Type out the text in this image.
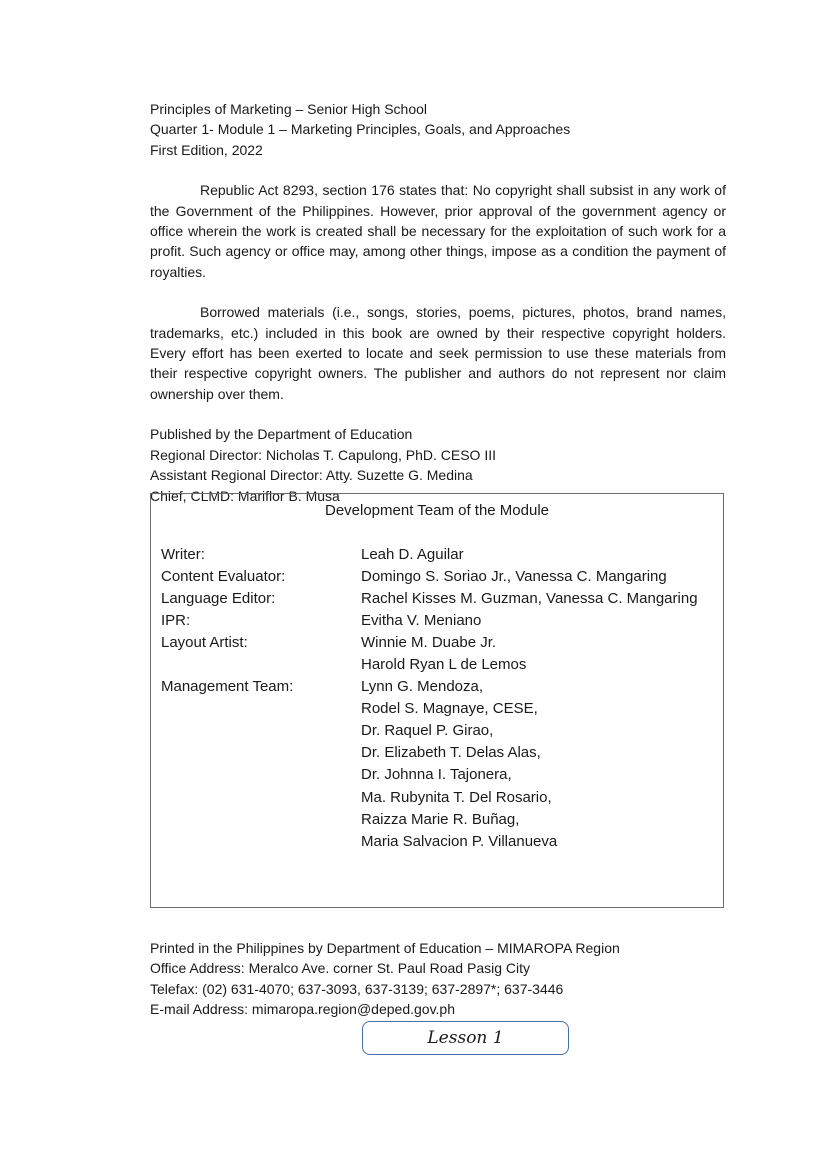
Principles of Marketing – Senior High School
Quarter 1- Module 1 – Marketing Principles, Goals, and Approaches
First Edition, 2022
Republic Act 8293, section 176 states that: No copyright shall subsist in any work of the Government of the Philippines. However, prior approval of the government agency or office wherein the work is created shall be necessary for the exploitation of such work for a profit. Such agency or office may, among other things, impose as a condition the payment of royalties.
Borrowed materials (i.e., songs, stories, poems, pictures, photos, brand names, trademarks, etc.) included in this book are owned by their respective copyright holders. Every effort has been exerted to locate and seek permission to use these materials from their respective copyright owners. The publisher and authors do not represent nor claim ownership over them.
Published by the Department of Education
Regional Director: Nicholas T. Capulong, PhD. CESO III
Assistant Regional Director: Atty. Suzette G. Medina
Chief, CLMD: Mariflor B. Musa
Development Team of the Module
Writer:	Leah D. Aguilar
Content Evaluator:	Domingo S. Soriao Jr., Vanessa C. Mangaring
Language Editor:	Rachel Kisses M. Guzman, Vanessa C. Mangaring
IPR:	Evitha V. Meniano
Layout Artist:	Winnie M. Duabe Jr.
Harold Ryan L de Lemos
Management Team:	Lynn G. Mendoza,
Rodel S. Magnaye, CESE,
Dr. Raquel P. Girao,
Dr. Elizabeth T. Delas Alas,
Dr. Johnna I. Tajonera,
Ma. Rubynita T. Del Rosario,
Raizza Marie R. Buñag,
Maria Salvacion P. Villanueva
Printed in the Philippines by Department of Education – MIMAROPA Region
Office Address: Meralco Ave. corner St. Paul Road Pasig City
Telefax: (02) 631-4070; 637-3093, 637-3139; 637-2897*; 637-3446
E-mail Address: mimaropa.region@deped.gov.ph
Lesson 1
